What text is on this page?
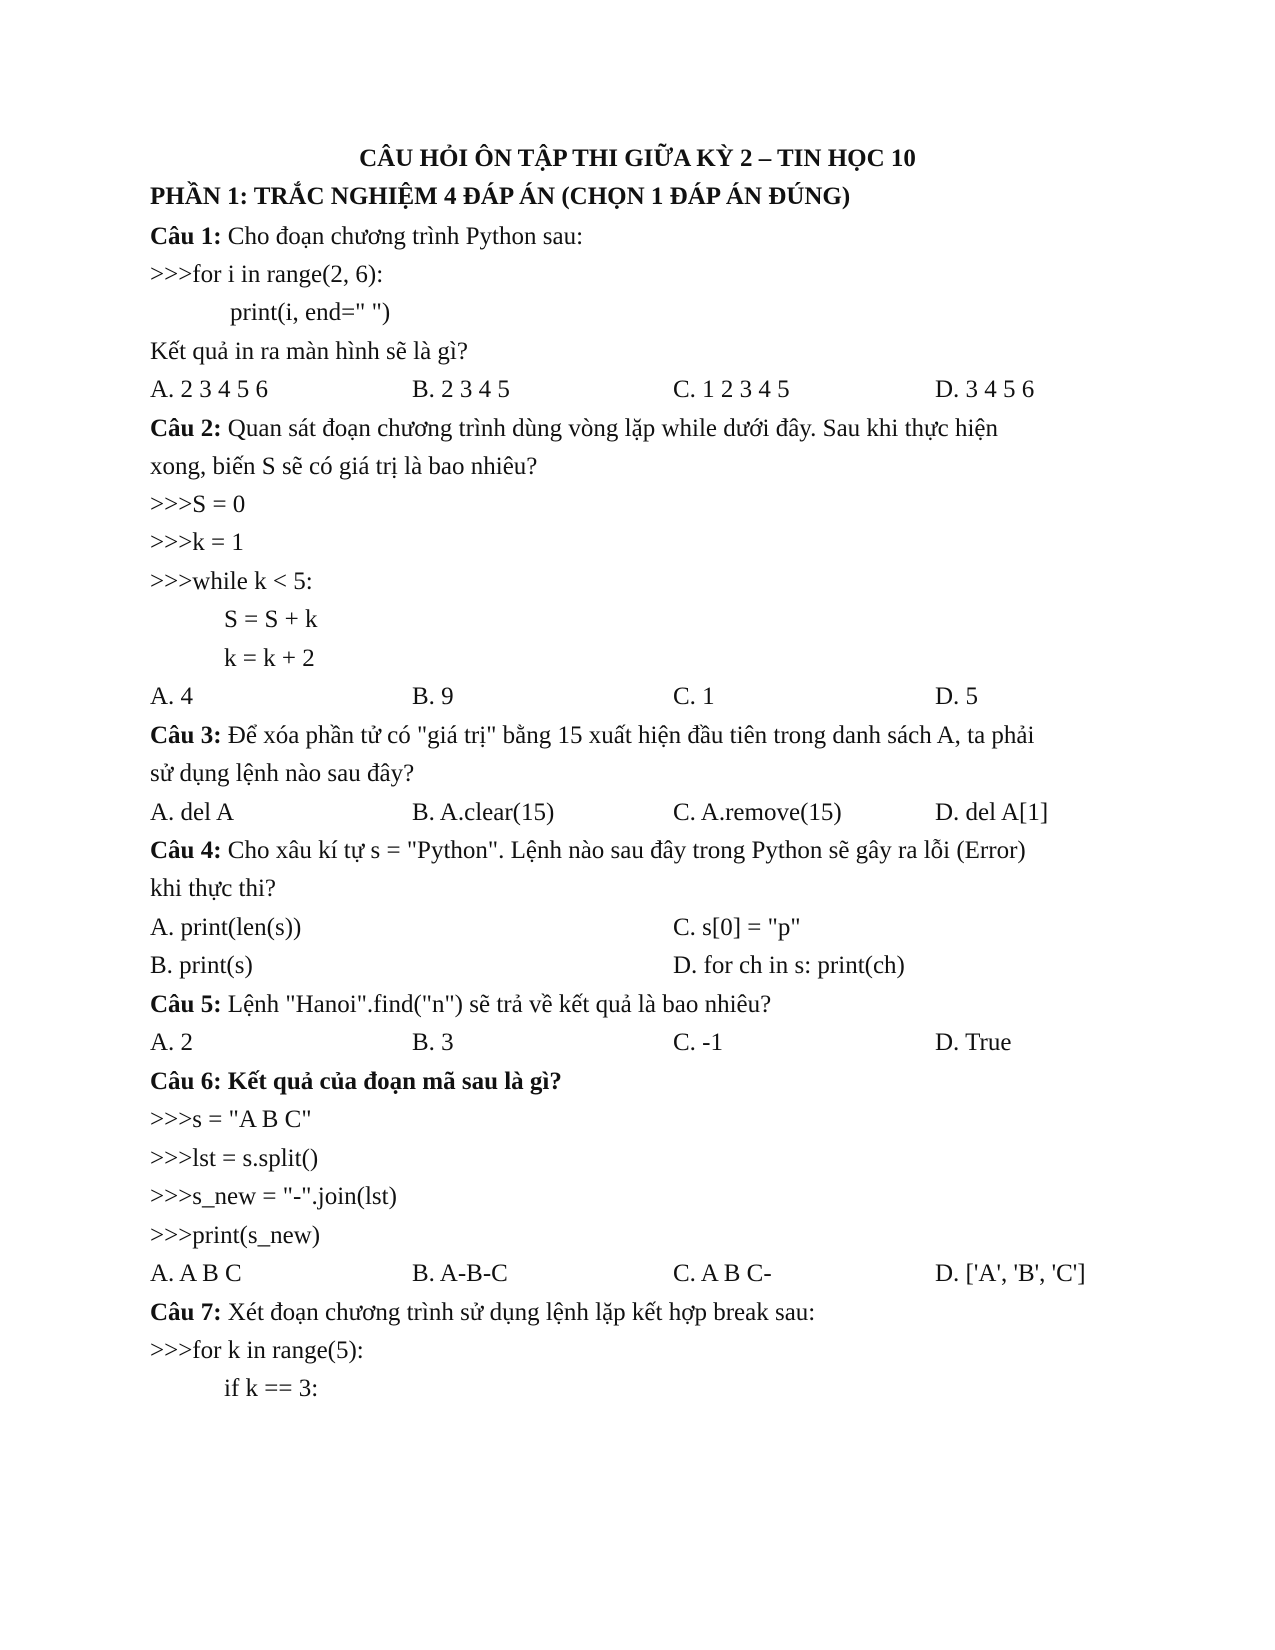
CÂU HỎI ÔN TẬP THI GIỮA KỲ 2 – TIN HỌC 10
PHẦN 1: TRẮC NGHIỆM 4 ĐÁP ÁN (CHỌN 1 ĐÁP ÁN ĐÚNG)
Câu 1: Cho đoạn chương trình Python sau:
>>>for i in range(2, 6):
print(i, end=" ")
Kết quả in ra màn hình sẽ là gì?
A. 2 3 4 5 6	B. 2 3 4 5	C. 1 2 3 4 5	D. 3 4 5 6
Câu 2: Quan sát đoạn chương trình dùng vòng lặp while dưới đây. Sau khi thực hiện
xong, biến S sẽ có giá trị là bao nhiêu?
>>>S = 0
>>>k = 1
>>>while k < 5:
S = S + k
k = k + 2
A. 4	B. 9	C. 1	D. 5
Câu 3: Để xóa phần tử có "giá trị" bằng 15 xuất hiện đầu tiên trong danh sách A, ta phải
sử dụng lệnh nào sau đây?
A. del A	B. A.clear(15)	C. A.remove(15)	D. del A[1]
Câu 4: Cho xâu kí tự s = "Python". Lệnh nào sau đây trong Python sẽ gây ra lỗi (Error)
khi thực thi?
A. print(len(s))	C. s[0] = "p"
B. print(s)	D. for ch in s: print(ch)
Câu 5: Lệnh "Hanoi".find("n") sẽ trả về kết quả là bao nhiêu?
A. 2	B. 3	C. -1	D. True
Câu 6: Kết quả của đoạn mã sau là gì?
>>>s = "A B C"
>>>lst = s.split()
>>>s_new = "-".join(lst)
>>>print(s_new)
A. A B C	B. A-B-C	C. A B C-	D. ['A', 'B', 'C']
Câu 7: Xét đoạn chương trình sử dụng lệnh lặp kết hợp break sau:
>>>for k in range(5):
if k == 3:
